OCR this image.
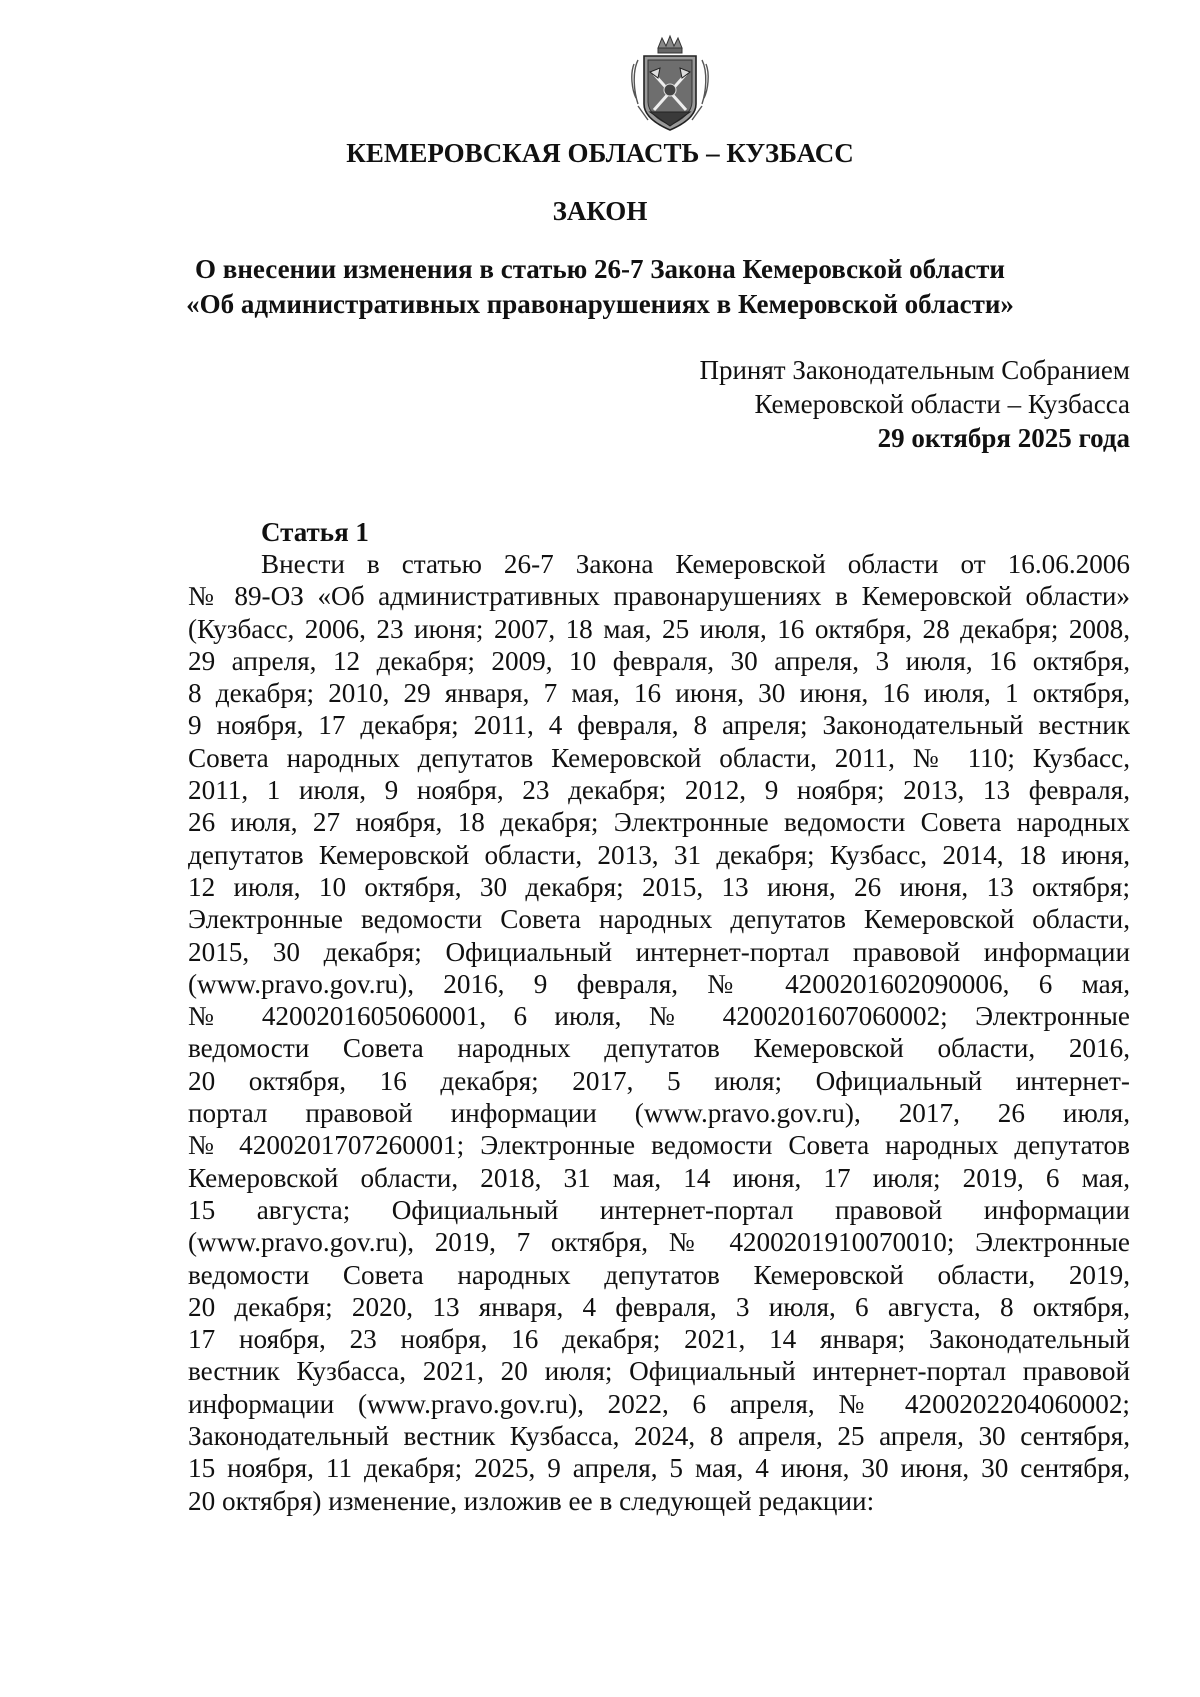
КЕМЕРОВСКАЯ ОБЛАСТЬ – КУЗБАСС
ЗАКОН
О внесении изменения в статью 26-7 Закона Кемеровской области
«Об административных правонарушениях в Кемеровской области»
Принят Законодательным Собранием
Кемеровской области – Кузбасса
29 октября 2025 года
Статья 1
Внести в статью 26-7 Закона Кемеровской области от 16.06.2006
№ 89-ОЗ «Об административных правонарушениях в Кемеровской области»
(Кузбасс, 2006, 23 июня; 2007, 18 мая, 25 июля, 16 октября, 28 декабря; 2008,
29 апреля, 12 декабря; 2009, 10 февраля, 30 апреля, 3 июля, 16 октября,
8 декабря; 2010, 29 января, 7 мая, 16 июня, 30 июня, 16 июля, 1 октября,
9 ноября, 17 декабря; 2011, 4 февраля, 8 апреля; Законодательный вестник
Совета народных депутатов Кемеровской области, 2011, № 110; Кузбасс,
2011, 1 июля, 9 ноября, 23 декабря; 2012, 9 ноября; 2013, 13 февраля,
26 июля, 27 ноября, 18 декабря; Электронные ведомости Совета народных
депутатов Кемеровской области, 2013, 31 декабря; Кузбасс, 2014, 18 июня,
12 июля, 10 октября, 30 декабря; 2015, 13 июня, 26 июня, 13 октября;
Электронные ведомости Совета народных депутатов Кемеровской области,
2015, 30 декабря; Официальный интернет-портал правовой информации
(www.pravo.gov.ru), 2016, 9 февраля, № 4200201602090006, 6 мая,
№ 4200201605060001, 6 июля, № 4200201607060002; Электронные
ведомости Совета народных депутатов Кемеровской области, 2016,
20 октября, 16 декабря; 2017, 5 июля; Официальный интернет-
портал правовой информации (www.pravo.gov.ru), 2017, 26 июля,
№ 4200201707260001; Электронные ведомости Совета народных депутатов
Кемеровской области, 2018, 31 мая, 14 июня, 17 июля; 2019, 6 мая,
15 августа; Официальный интернет-портал правовой информации
(www.pravo.gov.ru), 2019, 7 октября, № 4200201910070010; Электронные
ведомости Совета народных депутатов Кемеровской области, 2019,
20 декабря; 2020, 13 января, 4 февраля, 3 июля, 6 августа, 8 октября,
17 ноября, 23 ноября, 16 декабря; 2021, 14 января; Законодательный
вестник Кузбасса, 2021, 20 июля; Официальный интернет-портал правовой
информации (www.pravo.gov.ru), 2022, 6 апреля, № 4200202204060002;
Законодательный вестник Кузбасса, 2024, 8 апреля, 25 апреля, 30 сентября,
15 ноября, 11 декабря; 2025, 9 апреля, 5 мая, 4 июня, 30 июня, 30 сентября,
20 октября) изменение, изложив ее в следующей редакции:
